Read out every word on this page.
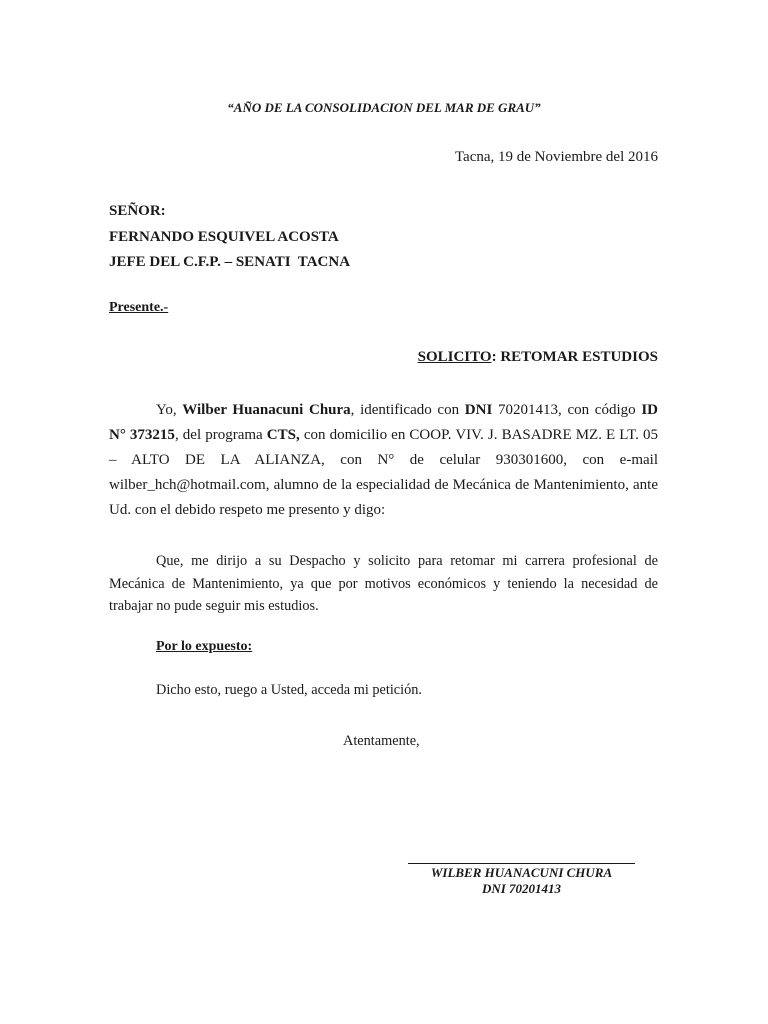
“AÑO DE LA CONSOLIDACION DEL MAR DE GRAU”
Tacna, 19 de Noviembre del 2016
SEÑOR:
FERNANDO ESQUIVEL ACOSTA
JEFE DEL C.F.P. – SENATI  TACNA
Presente.-
SOLICITO: RETOMAR ESTUDIOS

Yo, Wilber Huanacuni Chura, identificado con DNI 70201413, con código ID N° 373215, del programa CTS, con domicilio en COOP. VIV. J. BASADRE MZ. E LT. 05 – ALTO DE LA ALIANZA, con N° de celular 930301600, con e-mail wilber_hch@hotmail.com, alumno de la especialidad de Mecánica de Mantenimiento, ante Ud. con el debido respeto me presento y digo:

Que, me dirijo a su Despacho y solicito para retomar mi carrera profesional de Mecánica de Mantenimiento, ya que por motivos económicos y teniendo la necesidad de trabajar no pude seguir mis estudios.

Por lo expuesto:
Dicho esto, ruego a Usted, acceda mi petición.
Atentamente,
WILBER HUANACUNI CHURA
DNI 70201413
